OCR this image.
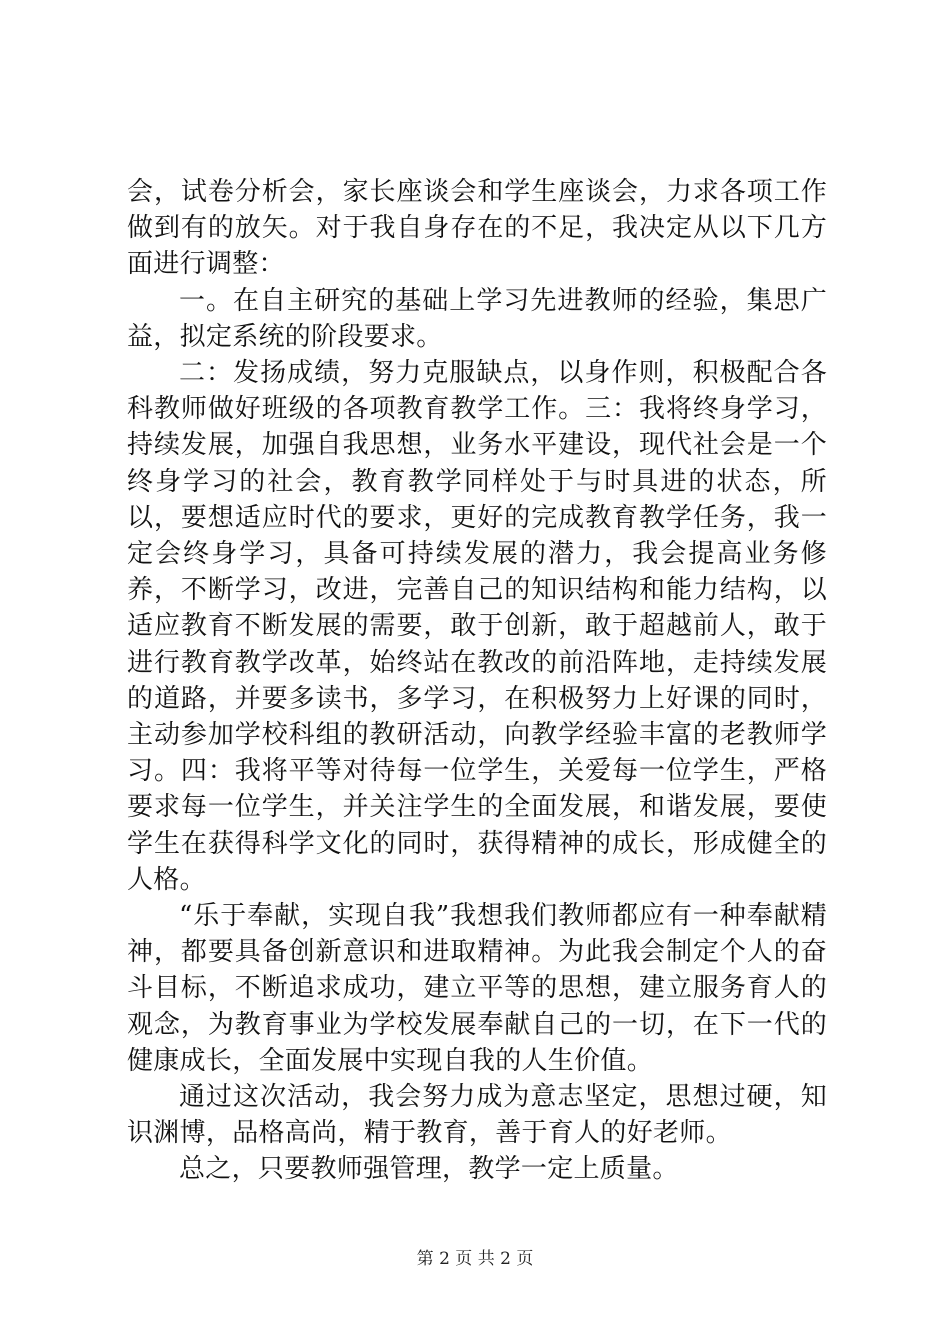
会，试卷分析会，家长座谈会和学生座谈会，力求各项工作做到有的放矢。对于我自身存在的不足，我决定从以下几方面进行调整：

一。在自主研究的基础上学习先进教师的经验，集思广益，拟定系统的阶段要求。

二：发扬成绩，努力克服缺点，以身作则，积极配合各科教师做好班级的各项教育教学工作。三：我将终身学习，持续发展，加强自我思想，业务水平建设，现代社会是一个终身学习的社会，教育教学同样处于与时具进的状态，所以，要想适应时代的要求，更好的完成教育教学任务，我一定会终身学习，具备可持续发展的潜力，我会提高业务修养，不断学习，改进，完善自己的知识结构和能力结构，以适应教育不断发展的需要，敢于创新，敢于超越前人，敢于进行教育教学改革，始终站在教改的前沿阵地，走持续发展的道路，并要多读书，多学习，在积极努力上好课的同时，主动参加学校科组的教研活动，向教学经验丰富的老教师学习。四：我将平等对待每一位学生，关爱每一位学生，严格要求每一位学生，并关注学生的全面发展，和谐发展，要使学生在获得科学文化的同时，获得精神的成长，形成健全的人格。

“乐于奉献，实现自我”我想我们教师都应有一种奉献精神，都要具备创新意识和进取精神。为此我会制定个人的奋斗目标，不断追求成功，建立平等的思想，建立服务育人的观念，为教育事业为学校发展奉献自己的一切，在下一代的健康成长，全面发展中实现自我的人生价值。

通过这次活动，我会努力成为意志坚定，思想过硬，知识渊博，品格高尚，精于教育，善于育人的好老师。

总之，只要教师强管理，教学一定上质量。

第 2 页 共 2 页
